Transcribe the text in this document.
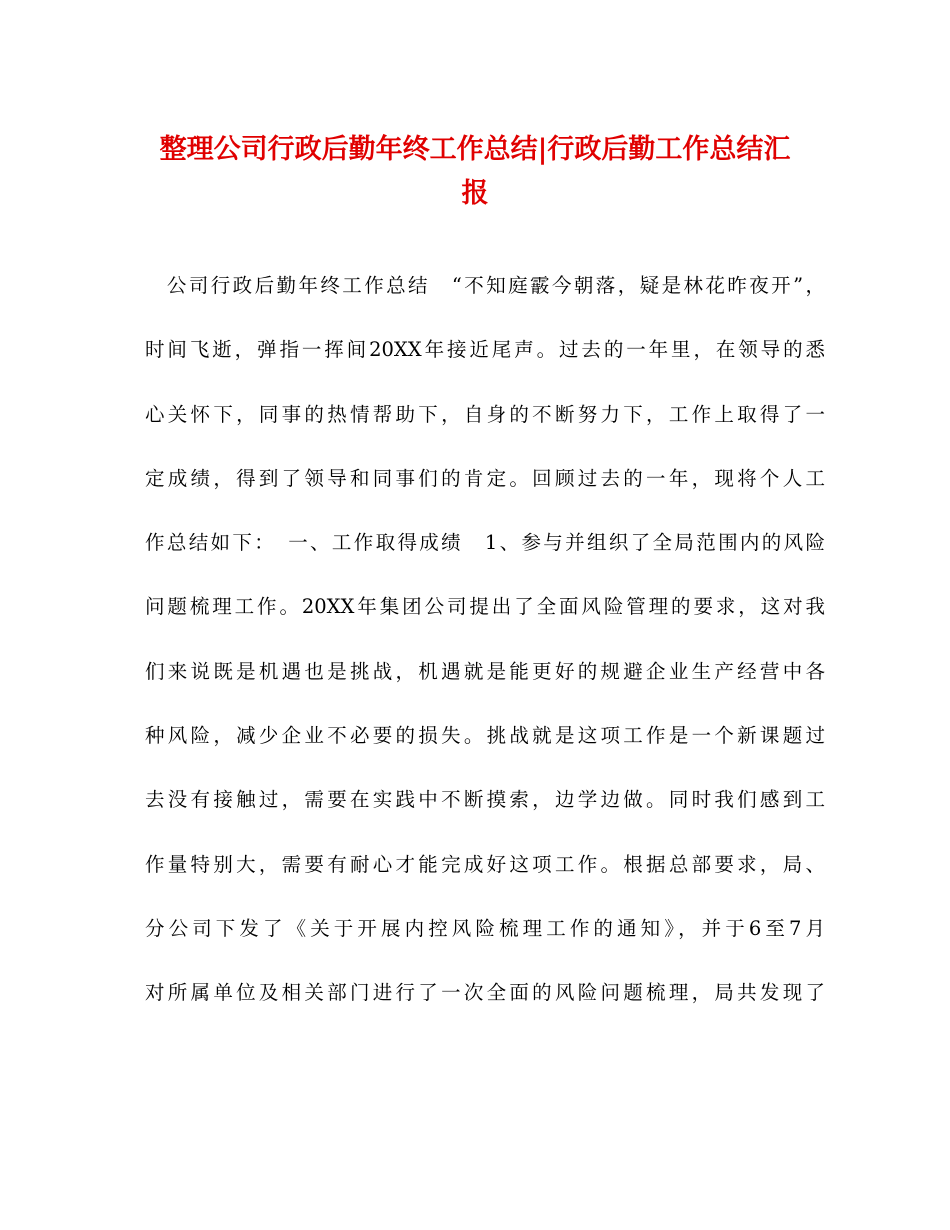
整理公司行政后勤年终工作总结|行政后勤工作总结汇
报
　公司行政后勤年终工作总结　“不知庭霰今朝落，疑是林花昨夜开”，
时间飞逝，弹指一挥间20XX年接近尾声。过去的一年里，在领导的悉
心关怀下，同事的热情帮助下，自身的不断努力下，工作上取得了一
定成绩，得到了领导和同事们的肯定。回顾过去的一年，现将个人工
作总结如下：　一、工作取得成绩　1、参与并组织了全局范围内的风险
问题梳理工作。20XX年集团公司提出了全面风险管理的要求，这对我
们来说既是机遇也是挑战，机遇就是能更好的规避企业生产经营中各
种风险，减少企业不必要的损失。挑战就是这项工作是一个新课题过
去没有接触过，需要在实践中不断摸索，边学边做。同时我们感到工
作量特别大，需要有耐心才能完成好这项工作。根据总部要求，局、
分公司下发了《关于开展内控风险梳理工作的通知》，并于6至7月
对所属单位及相关部门进行了一次全面的风险问题梳理，局共发现了
